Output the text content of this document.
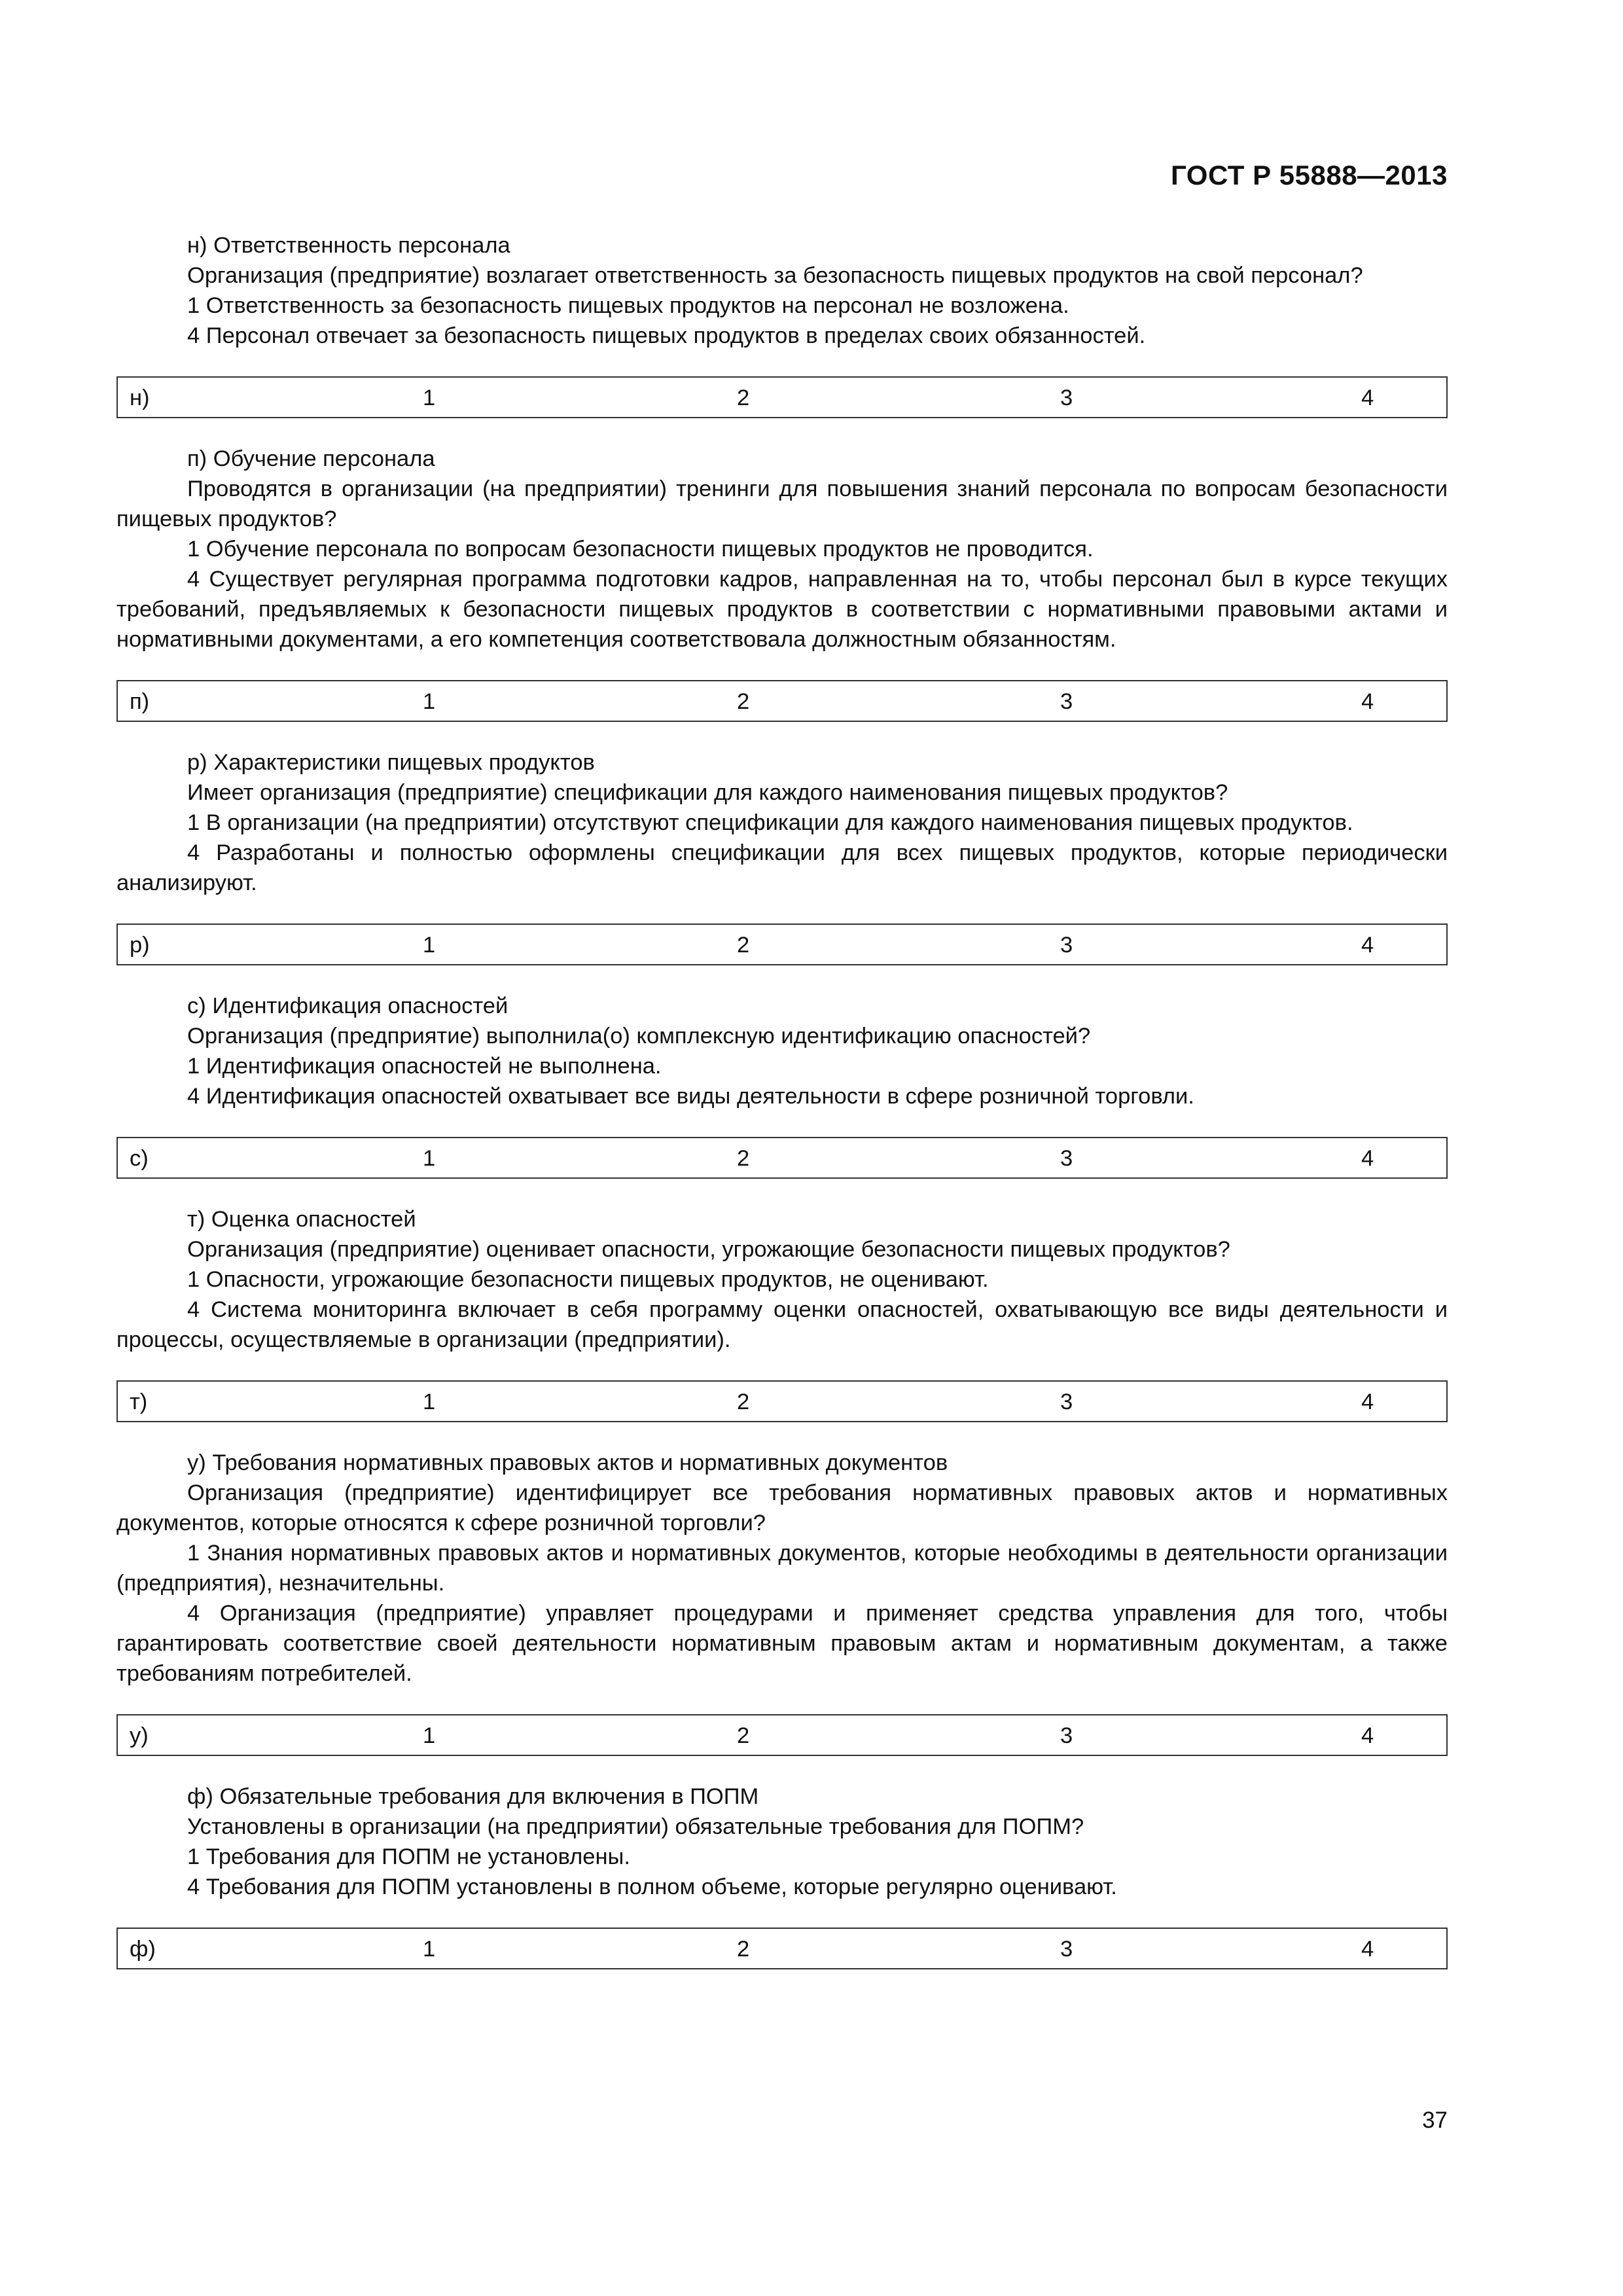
ГОСТ Р 55888—2013

н) Ответственность персонала

Организация (предприятие) возлагает ответственность за безопасность пищевых продуктов на свой персонал?

1 Ответственность за безопасность пищевых продуктов на персонал не возложена.

4 Персонал отвечает за безопасность пищевых продуктов в пределах своих обязанностей.

н)	1	2	3	4

п) Обучение персонала

Проводятся в организации (на предприятии) тренинги для повышения знаний персонала по вопросам безопасности пищевых продуктов?

1 Обучение персонала по вопросам безопасности пищевых продуктов не проводится.

4 Существует регулярная программа подготовки кадров, направленная на то, чтобы персонал был в курсе текущих требований, предъявляемых к безопасности пищевых продуктов в соответствии с нормативными правовыми актами и нормативными документами, а его компетенция соответствовала должностным обязанностям.

п)	1	2	3	4

р) Характеристики пищевых продуктов

Имеет организация (предприятие) спецификации для каждого наименования пищевых продуктов?

1 В организации (на предприятии) отсутствуют спецификации для каждого наименования пищевых продуктов.

4 Разработаны и полностью оформлены спецификации для всех пищевых продуктов, которые периодически анализируют.

р)	1	2	3	4

с) Идентификация опасностей

Организация (предприятие) выполнила(о) комплексную идентификацию опасностей?

1 Идентификация опасностей не выполнена.

4 Идентификация опасностей охватывает все виды деятельности в сфере розничной торговли.

с)	1	2	3	4

т) Оценка опасностей

Организация (предприятие) оценивает опасности, угрожающие безопасности пищевых продуктов?

1 Опасности, угрожающие безопасности пищевых продуктов, не оценивают.

4 Система мониторинга включает в себя программу оценки опасностей, охватывающую все виды деятельности и процессы, осуществляемые в организации (предприятии).

т)	1	2	3	4

у) Требования нормативных правовых актов и нормативных документов

Организация (предприятие) идентифицирует все требования нормативных правовых актов и нормативных документов, которые относятся к сфере розничной торговли?

1 Знания нормативных правовых актов и нормативных документов, которые необходимы в деятельности организации (предприятия), незначительны.

4 Организация (предприятие) управляет процедурами и применяет средства управления для того, чтобы гарантировать соответствие своей деятельности нормативным правовым актам и нормативным документам, а также требованиям потребителей.

у)	1	2	3	4

ф) Обязательные требования для включения в ПОПМ

Установлены в организации (на предприятии) обязательные требования для ПОПМ?

1 Требования для ПОПМ не установлены.

4 Требования для ПОПМ установлены в полном объеме, которые регулярно оценивают.

ф)	1	2	3	4
37
